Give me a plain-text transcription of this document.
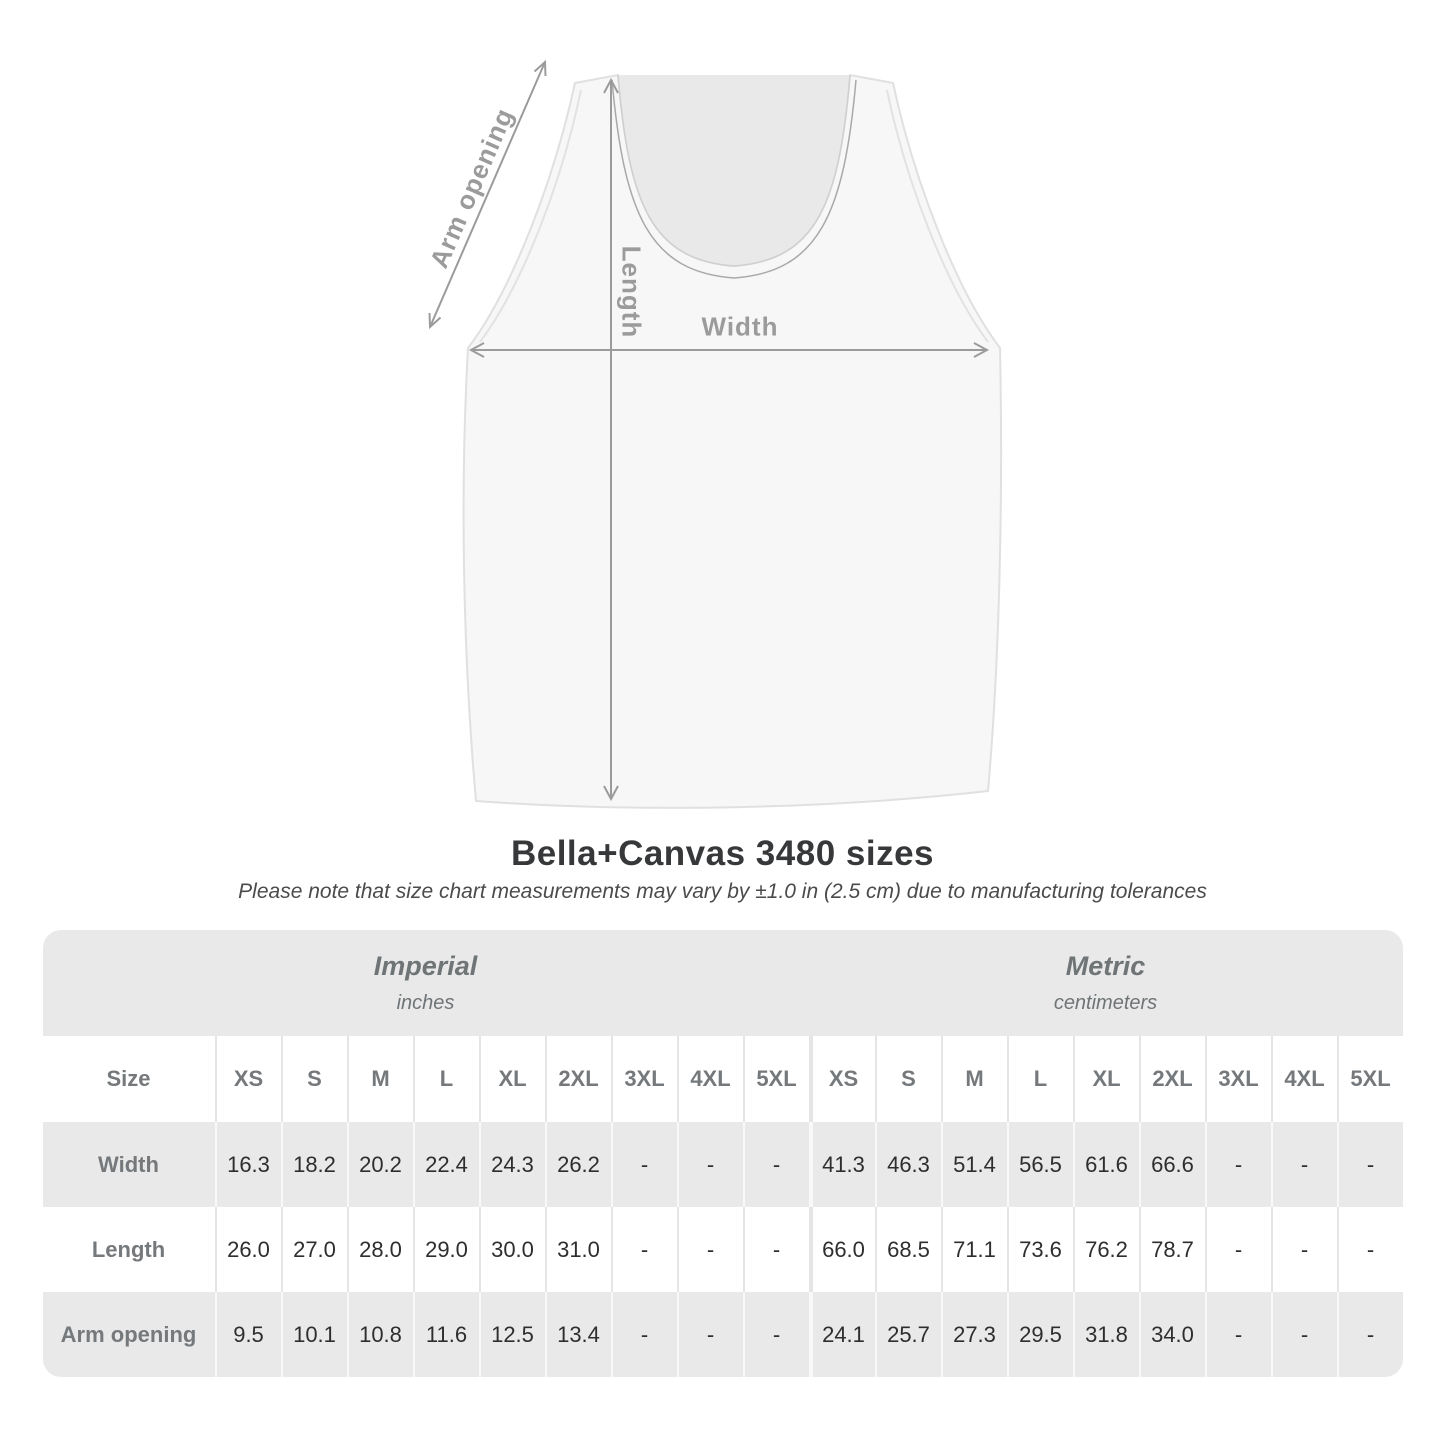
Arm opening
Length Width
Bella+Canvas 3480 sizes

Please note that size chart measurements may vary by ±1.0 in (2.5 cm) due to manufacturing tolerances

Imperial
inches

Metric
centimeters

Size	XS	S	M	L	XL	2XL	3XL	4XL	5XL	XS	S	M	L	XL	2XL	3XL	4XL	5XL
Width	16.3	18.2	20.2	22.4	24.3	26.2	-	-	-	41.3	46.3	51.4	56.5	61.6	66.6	-	-	-
Length	26.0	27.0	28.0	29.0	30.0	31.0	-	-	-	66.0	68.5	71.1	73.6	76.2	78.7	-	-	-
Arm opening	9.5	10.1	10.8	11.6	12.5	13.4	-	-	-	24.1	25.7	27.3	29.5	31.8	34.0	-	-	-
